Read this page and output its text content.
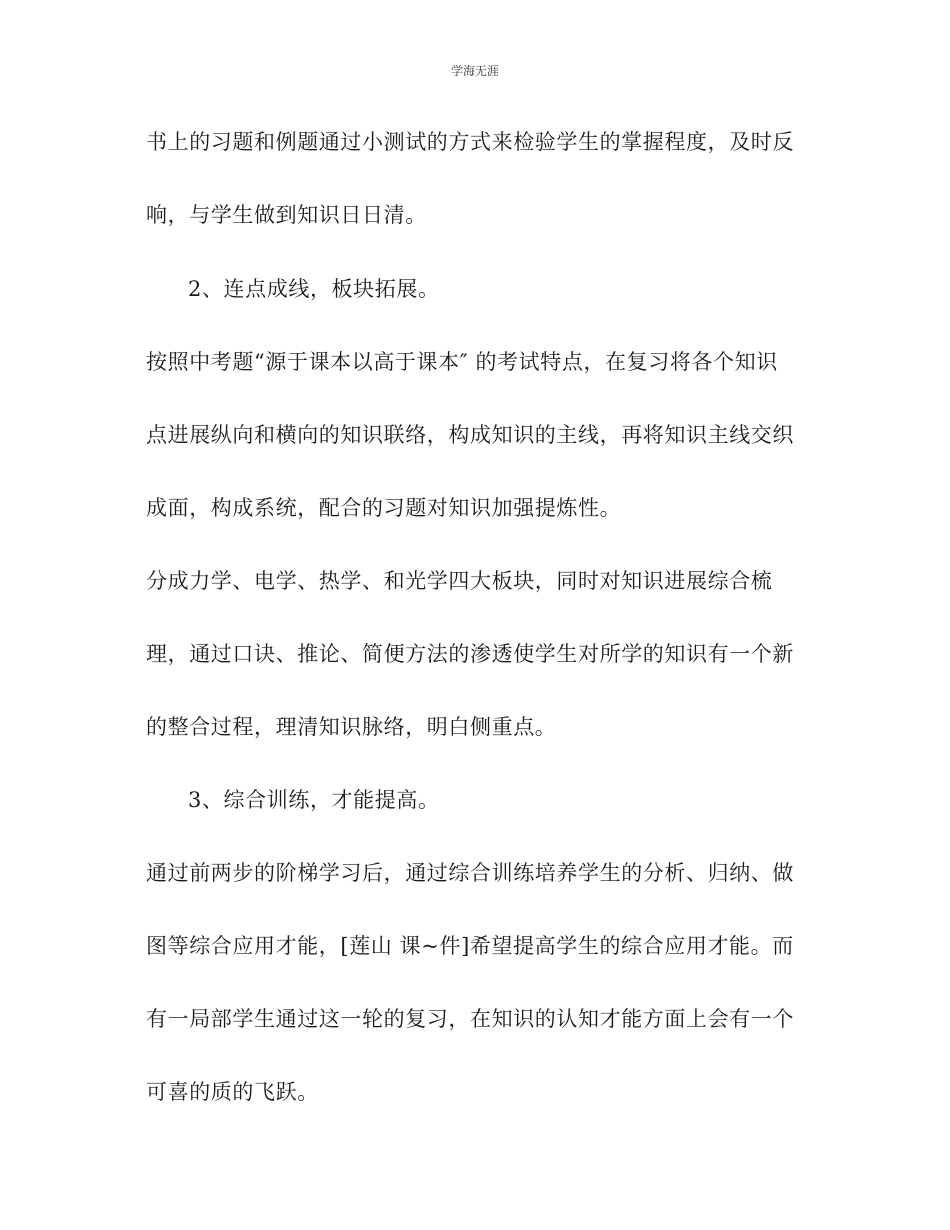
学海无涯
书上的习题和例题通过小测试的方式来检验学生的掌握程度，及时反
响，与学生做到知识日日清。
2、连点成线，板块拓展。
按照中考题“源于课本以高于课本″ 的考试特点，在复习将各个知识
点进展纵向和横向的知识联络，构成知识的主线，再将知识主线交织
成面，构成系统，配合的习题对知识加强提炼性。
分成力学、电学、热学、和光学四大板块，同时对知识进展综合梳
理，通过口诀、推论、简便方法的渗透使学生对所学的知识有一个新
的整合过程，理清知识脉络，明白侧重点。
3、综合训练，才能提高。
通过前两步的阶梯学习后，通过综合训练培养学生的分析、归纳、做
图等综合应用才能，[莲山 课~件]希望提高学生的综合应用才能。而
有一局部学生通过这一轮的复习，在知识的认知才能方面上会有一个
可喜的质的飞跃。
